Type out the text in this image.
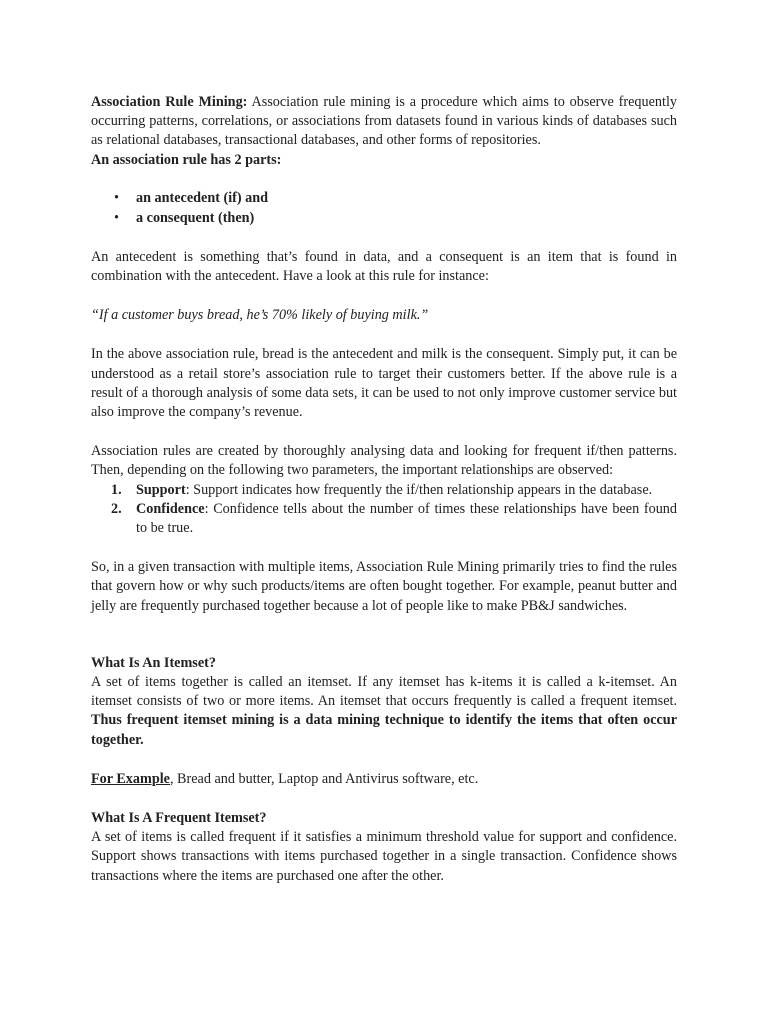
Association Rule Mining: Association rule mining is a procedure which aims to observe frequently occurring patterns, correlations, or associations from datasets found in various kinds of databases such as relational databases, transactional databases, and other forms of repositories.

An association rule has 2 parts:

• an antecedent (if) and
• a consequent (then)

An antecedent is something that’s found in data, and a consequent is an item that is found in combination with the antecedent. Have a look at this rule for instance:

“If a customer buys bread, he’s 70% likely of buying milk.”

In the above association rule, bread is the antecedent and milk is the consequent. Simply put, it can be understood as a retail store’s association rule to target their customers better. If the above rule is a result of a thorough analysis of some data sets, it can be used to not only improve customer service but also improve the company’s revenue.

Association rules are created by thoroughly analysing data and looking for frequent if/then patterns. Then, depending on the following two parameters, the important relationships are observed:

1. Support: Support indicates how frequently the if/then relationship appears in the database.
2. Confidence: Confidence tells about the number of times these relationships have been found to be true.

So, in a given transaction with multiple items, Association Rule Mining primarily tries to find the rules that govern how or why such products/items are often bought together. For example, peanut butter and jelly are frequently purchased together because a lot of people like to make PB&J sandwiches.

What Is An Itemset?

A set of items together is called an itemset. If any itemset has k-items it is called a k-itemset. An itemset consists of two or more items. An itemset that occurs frequently is called a frequent itemset. Thus frequent itemset mining is a data mining technique to identify the items that often occur together.

For Example, Bread and butter, Laptop and Antivirus software, etc.

What Is A Frequent Itemset?

A set of items is called frequent if it satisfies a minimum threshold value for support and confidence. Support shows transactions with items purchased together in a single transaction. Confidence shows transactions where the items are purchased one after the other.
